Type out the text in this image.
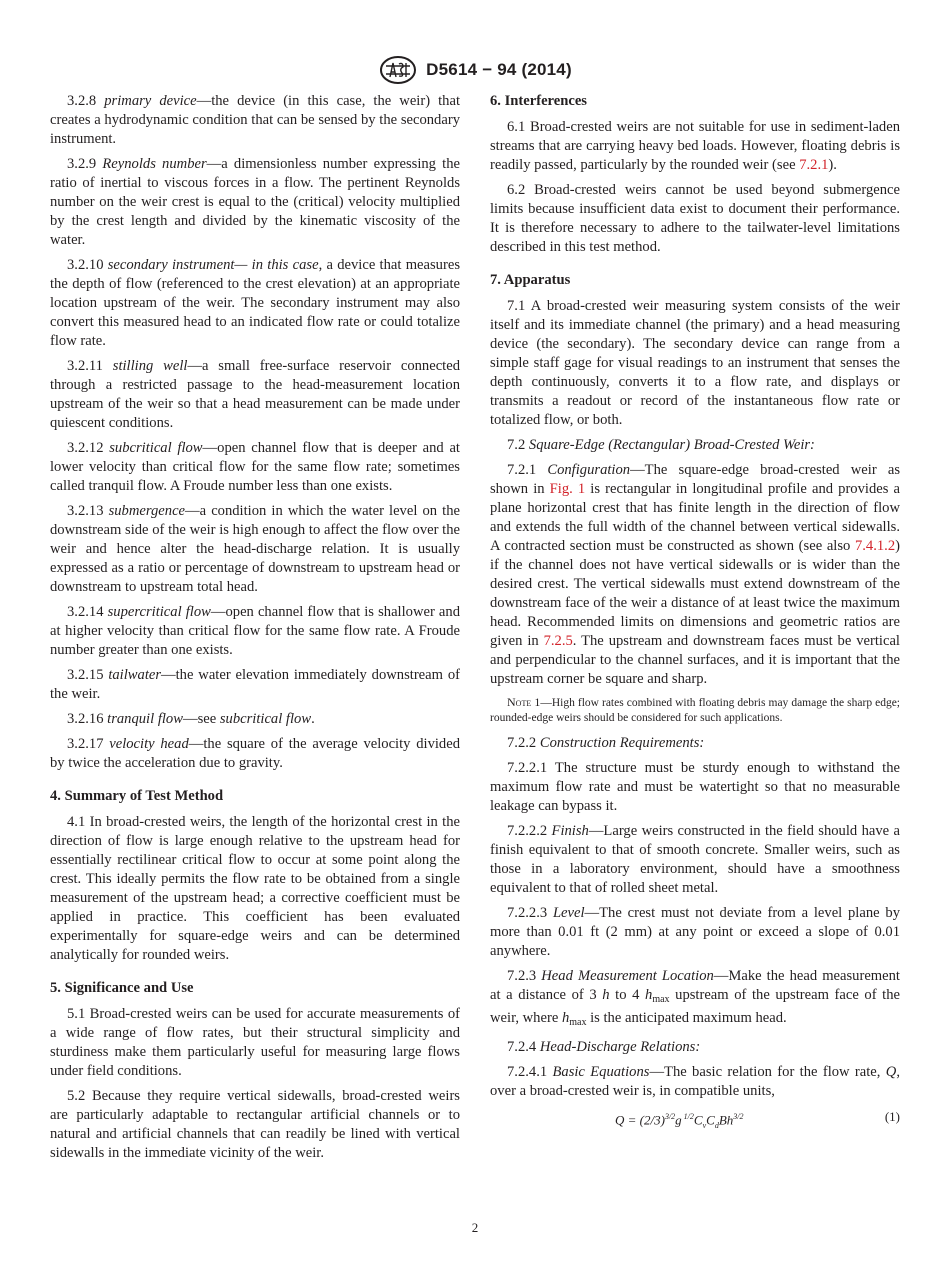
D5614 − 94 (2014)

3.2.8 primary device—the device (in this case, the weir) that creates a hydrodynamic condition that can be sensed by the secondary instrument.

3.2.9 Reynolds number—a dimensionless number expressing the ratio of inertial to viscous forces in a flow. The pertinent Reynolds number on the weir crest is equal to the (critical) velocity multiplied by the crest length and divided by the kinematic viscosity of the water.

3.2.10 secondary instrument— in this case, a device that measures the depth of flow (referenced to the crest elevation) at an appropriate location upstream of the weir. The secondary instrument may also convert this measured head to an indicated flow rate or could totalize flow rate.

3.2.11 stilling well—a small free-surface reservoir connected through a restricted passage to the head-measurement location upstream of the weir so that a head measurement can be made under quiescent conditions.

3.2.12 subcritical flow—open channel flow that is deeper and at lower velocity than critical flow for the same flow rate; sometimes called tranquil flow. A Froude number less than one exists.

3.2.13 submergence—a condition in which the water level on the downstream side of the weir is high enough to affect the flow over the weir and hence alter the head-discharge relation. It is usually expressed as a ratio or percentage of downstream to upstream head or downstream to upstream total head.

3.2.14 supercritical flow—open channel flow that is shallower and at higher velocity than critical flow for the same flow rate. A Froude number greater than one exists.

3.2.15 tailwater—the water elevation immediately downstream of the weir.

3.2.16 tranquil flow—see subcritical flow.

3.2.17 velocity head—the square of the average velocity divided by twice the acceleration due to gravity.

4. Summary of Test Method

4.1 In broad-crested weirs, the length of the horizontal crest in the direction of flow is large enough relative to the upstream head for essentially rectilinear critical flow to occur at some point along the crest. This ideally permits the flow rate to be obtained from a single measurement of the upstream head; a corrective coefficient must be applied in practice. This coefficient has been evaluated experimentally for square-edge weirs and can be determined analytically for rounded weirs.

5. Significance and Use

5.1 Broad-crested weirs can be used for accurate measurements of a wide range of flow rates, but their structural simplicity and sturdiness make them particularly useful for measuring large flows under field conditions.

5.2 Because they require vertical sidewalls, broad-crested weirs are particularly adaptable to rectangular artificial channels or to natural and artificial channels that can readily be lined with vertical sidewalls in the immediate vicinity of the weir.

6. Interferences

6.1 Broad-crested weirs are not suitable for use in sediment-laden streams that are carrying heavy bed loads. However, floating debris is readily passed, particularly by the rounded weir (see 7.2.1).

6.2 Broad-crested weirs cannot be used beyond submergence limits because insufficient data exist to document their performance. It is therefore necessary to adhere to the tailwater-level limitations described in this test method.

7. Apparatus

7.1 A broad-crested weir measuring system consists of the weir itself and its immediate channel (the primary) and a head measuring device (the secondary). The secondary device can range from a simple staff gage for visual readings to an instrument that senses the depth continuously, converts it to a flow rate, and displays or transmits a readout or record of the instantaneous flow rate or totalized flow, or both.

7.2 Square-Edge (Rectangular) Broad-Crested Weir:

7.2.1 Configuration—The square-edge broad-crested weir as shown in Fig. 1 is rectangular in longitudinal profile and provides a plane horizontal crest that has finite length in the direction of flow and extends the full width of the channel between vertical sidewalls. A contracted section must be constructed as shown (see also 7.4.1.2) if the channel does not have vertical sidewalls or is wider than the desired crest. The vertical sidewalls must extend downstream of the downstream face of the weir a distance of at least twice the maximum head. Recommended limits on dimensions and geometric ratios are given in 7.2.5. The upstream and downstream faces must be vertical and perpendicular to the channel surfaces, and it is important that the upstream corner be square and sharp.

Note 1—High flow rates combined with floating debris may damage the sharp edge; rounded-edge weirs should be considered for such applications.

7.2.2 Construction Requirements:

7.2.2.1 The structure must be sturdy enough to withstand the maximum flow rate and must be watertight so that no measurable leakage can bypass it.

7.2.2.2 Finish—Large weirs constructed in the field should have a finish equivalent to that of smooth concrete. Smaller weirs, such as those in a laboratory environment, should have a smoothness equivalent to that of rolled sheet metal.

7.2.2.3 Level—The crest must not deviate from a level plane by more than 0.01 ft (2 mm) at any point or exceed a slope of 0.01 anywhere.

7.2.3 Head Measurement Location—Make the head measurement at a distance of 3 h to 4 $h_{max}$ upstream of the upstream face of the weir, where $h_{max}$ is the anticipated maximum head.

7.2.4 Head-Discharge Relations:

7.2.4.1 Basic Equations—The basic relation for the flow rate, Q, over a broad-crested weir is, in compatible units,

$Q = (2/3)^{3/2}g$ $^{1/2}C_vC_dBh^{3/2}$	(1)
2
